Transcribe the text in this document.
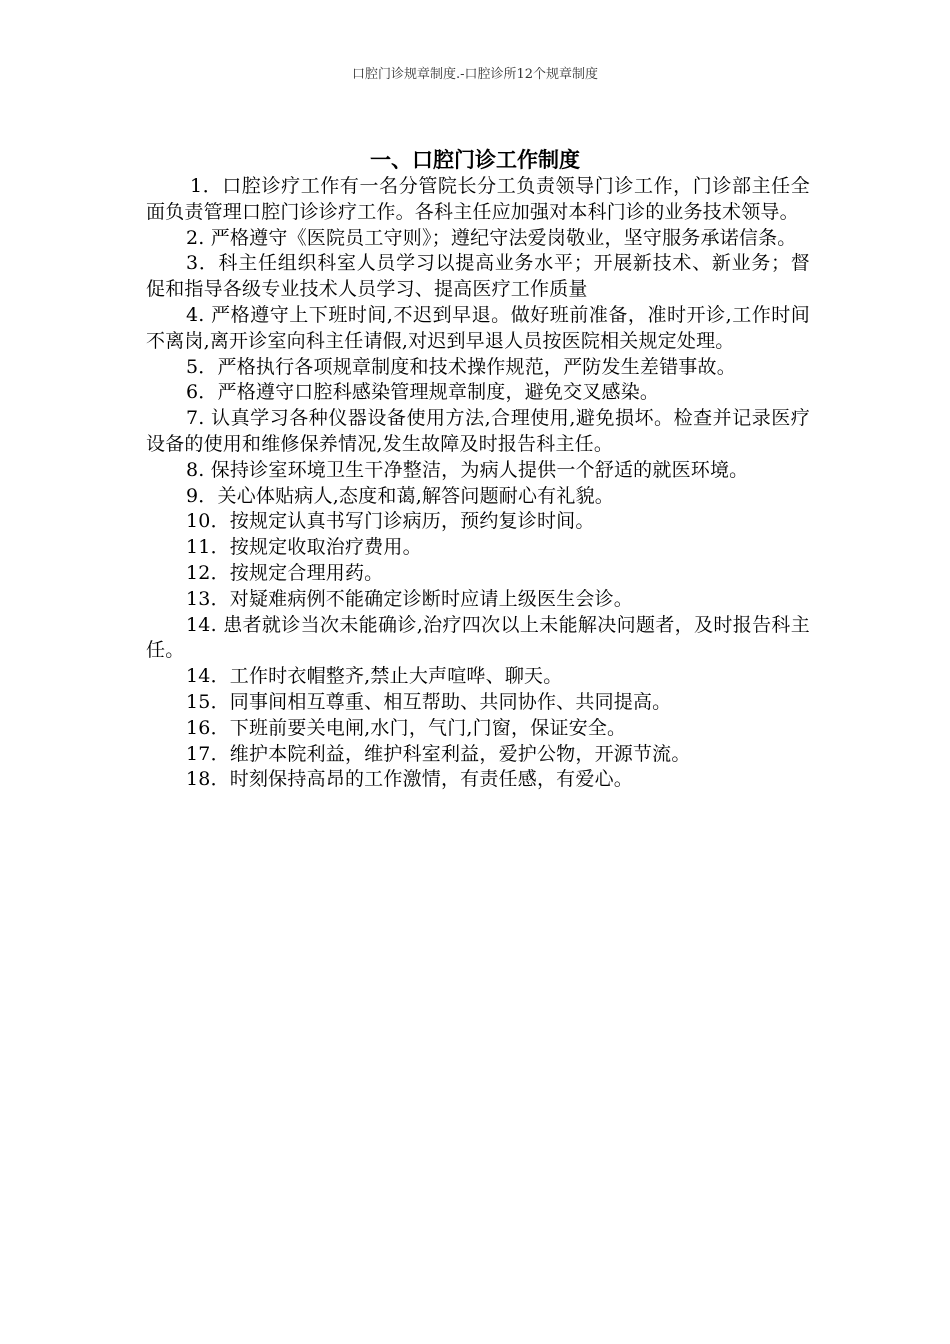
口腔门诊规章制度.-口腔诊所12个规章制度
一、口腔门诊工作制度

1．口腔诊疗工作有一名分管院长分工负责领导门诊工作，门诊部主任全面负责管理口腔门诊诊疗工作。各科主任应加强对本科门诊的业务技术领导。

2. 严格遵守《医院员工守则》；遵纪守法爱岗敬业，坚守服务承诺信条。

3．科主任组织科室人员学习以提高业务水平；开展新技术、新业务；督促和指导各级专业技术人员学习、提高医疗工作质量

4. 严格遵守上下班时间,不迟到早退。做好班前准备，准时开诊,工作时间不离岗,离开诊室向科主任请假,对迟到早退人员按医院相关规定处理。

5．严格执行各项规章制度和技术操作规范，严防发生差错事故。

6．严格遵守口腔科感染管理规章制度，避免交叉感染。

7. 认真学习各种仪器设备使用方法,合理使用,避免损坏。检查并记录医疗设备的使用和维修保养情况,发生故障及时报告科主任。

8. 保持诊室环境卫生干净整洁，为病人提供一个舒适的就医环境。

9．关心体贴病人,态度和蔼,解答问题耐心有礼貌。

10．按规定认真书写门诊病历，预约复诊时间。

11．按规定收取治疗费用。

12．按规定合理用药。

13．对疑难病例不能确定诊断时应请上级医生会诊。

14. 患者就诊当次未能确诊,治疗四次以上未能解决问题者，及时报告科主任。

14．工作时衣帽整齐,禁止大声喧哗、聊天。

15．同事间相互尊重、相互帮助、共同协作、共同提高。

16．下班前要关电闸,水门，气门,门窗，保证安全。

17．维护本院利益，维护科室利益，爱护公物，开源节流。

18．时刻保持高昂的工作激情，有责任感，有爱心。
